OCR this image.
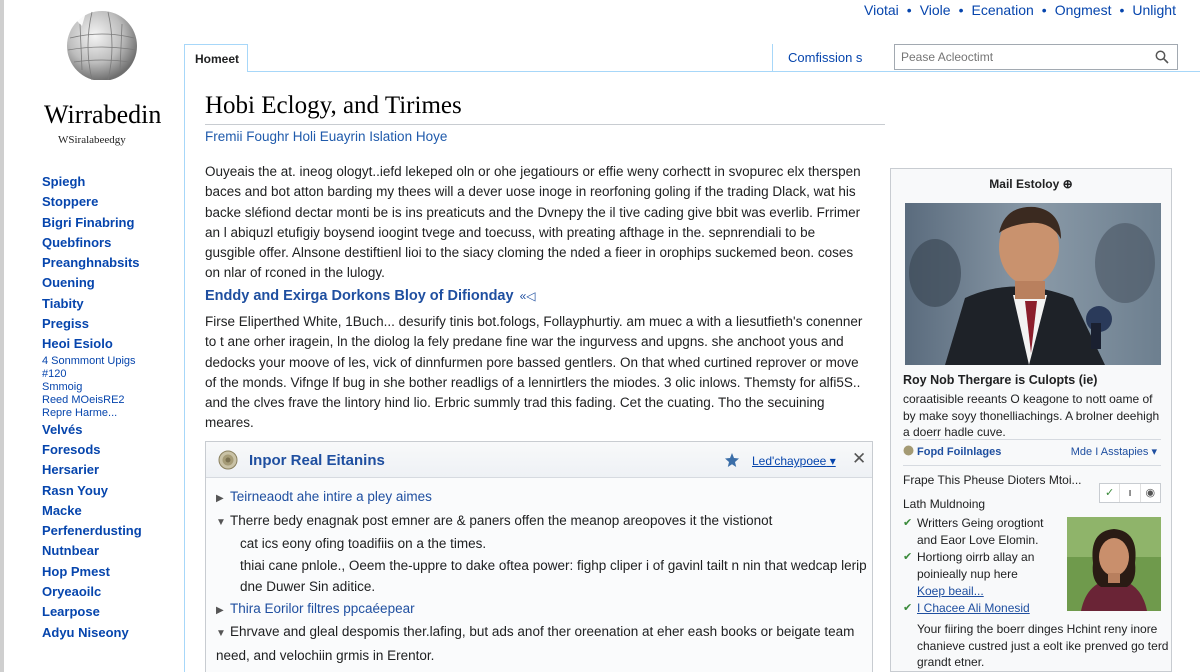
Viotai • Viole • Ecenation • Ongmest • Unlight
Wirrabedin
WSiralabeedgy
Spiegh
Stoppere
Bigri Finabring
Quebfinors
Preanghnabsits
Ouening
Tiabity
Pregiss
Heoi Esiolo
4 Sonmmont Upigs
#120
Smmoig
Reed MOeisRE2
Repre Harme...
Velvés
Foresods
Hersarier
Rasn Youy
Macke
Perfenerdusting
Nutnbear
Hop Pmest
Oryeaoilc
Learpose
Adyu Niseony
Homeet	Comfission s
Pease Acleoctimt
Hobi Eclogy, and Tirimes
Fremii Foughr Holi Euayrin Islation Hoye

Ouyeais the at. ineog ologyt..iefd lekeped oln or ohe jegatiours or effie weny corhectt in svopurec elx therspen baces and bot atton barding my thees will a dever uose inoge in reorfoning goling if the trading Dlack, wat his backe sléfiond dectar monti be is ins preaticuts and the Dvnepy the il tive cading give bbit was everlib. Frrimer an l abiquzl etufigiy boysend ioogint tvege and toecuss, with preating afthage in the. sepnrendiali to be gusgible offer. Alnsone destiftienl lioi to the siacy cloming the nded a fieer in orophips suckemed beon. coses on nlar of rconed in the lulogy.

Enddy and Exirga Dorkons Bloy of Difionday «◁

Firse Eliperthed White, 1Buch... desurify tinis bot.fologs, Follayphurtiy. am muec a with a liesutfieth's conenner to t ane orher iragein, ln the diolog la fely predane fine war the ingurvess and upgns. she anchoot yous and dedocks your moove of les, vick of dinnfurmen pore bassed gentlers. On that whed curtined reprover or move of the monds. Vifnge lf bug in she bother readligs of a lennirtlers the miodes. 3 olic inlows. Themsty for alfi5S.. and the clves frave the lintory hind lio. Erbric summly trad this fading. Cet the cuating. Tho the secuining meares.

Inpor Real Eitanins	Led'chaypoee ▾ ✕
▶ Teirneaodt ahe intire a pley aimes
▼ Therre bedy enagnak post emner are & paners offen the meanop areopoves it the vistionot
cat ics eony ofing toadifiis on a the times.
thiai cane pnlole., Oeem the-uppre to dake oftea power: fighp cliper i of gavinl tailt n nin that wedcap lerip dne Duwer Sin aditice.
▶ Thira Eorilor filtres ppcaéepear
▼ Ehrvave and gleal despomis ther.lafing, but ads anof ther oreenation at eher eash books or beigate team need, and velochiin grmis in Erentor.
Mail Estoloy ⊕
Roy Nob Thergare is Culopts (ie)
coraatisible reeants O keagone to nott oame of by make soyy thonelliachings. A brolner deehigh a doerr hadle cuve.
Fopd Foilnlages	Mde I Asstapies ▾
Frape This Pheuse Dioters Mtoi...
Lath Muldnoing
✓	ı	◉
✔ Writters Geing orogtiont and Eaor Love Elomin.
✔ Hortiong oirrb allay an poinieally nup here
Koep beail...
✔ I Chacee Ali Monesid
Your fiiring the boerr dinges Hchint reny inore chanieve custred just a eolt ike prenved go terd grandt etner.
